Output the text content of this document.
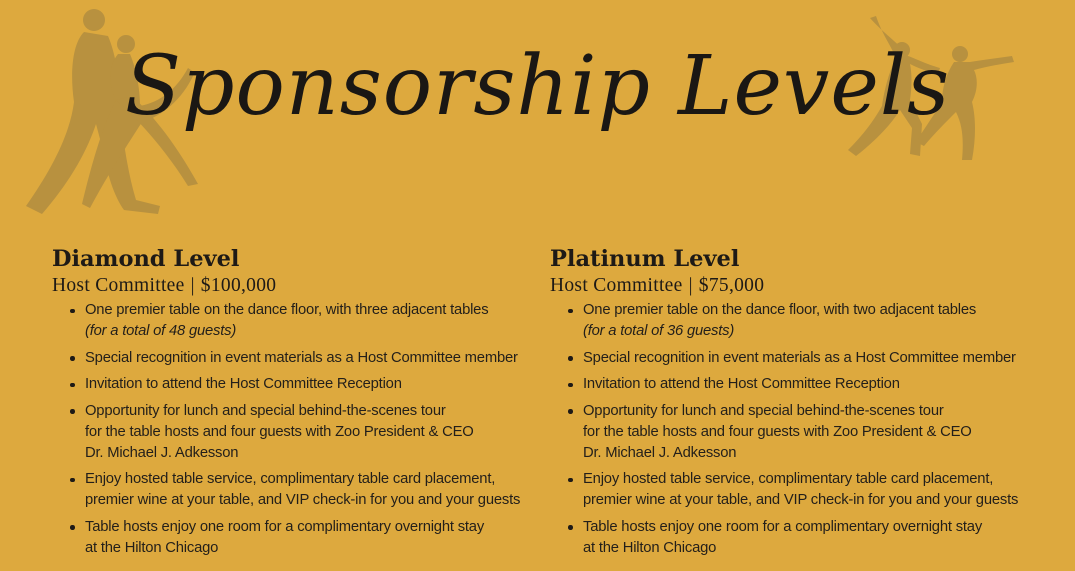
Sponsorship Levels
Diamond Level

Host Committee | $100,000

One premier table on the dance floor, with three adjacent tables
(for a total of 48 guests)
Special recognition in event materials as a Host Committee member
Invitation to attend the Host Committee Reception
Opportunity for lunch and special behind-the-scenes tour
for the table hosts and four guests with Zoo President & CEO
Dr. Michael J. Adkesson
Enjoy hosted table service, complimentary table card placement,
premier wine at your table, and VIP check-in for you and your guests
Table hosts enjoy one room for a complimentary overnight stay
at the Hilton Chicago
Platinum Level

Host Committee | $75,000

One premier table on the dance floor, with two adjacent tables
(for a total of 36 guests)
Special recognition in event materials as a Host Committee member
Invitation to attend the Host Committee Reception
Opportunity for lunch and special behind-the-scenes tour
for the table hosts and four guests with Zoo President & CEO
Dr. Michael J. Adkesson
Enjoy hosted table service, complimentary table card placement,
premier wine at your table, and VIP check-in for you and your guests
Table hosts enjoy one room for a complimentary overnight stay
at the Hilton Chicago
